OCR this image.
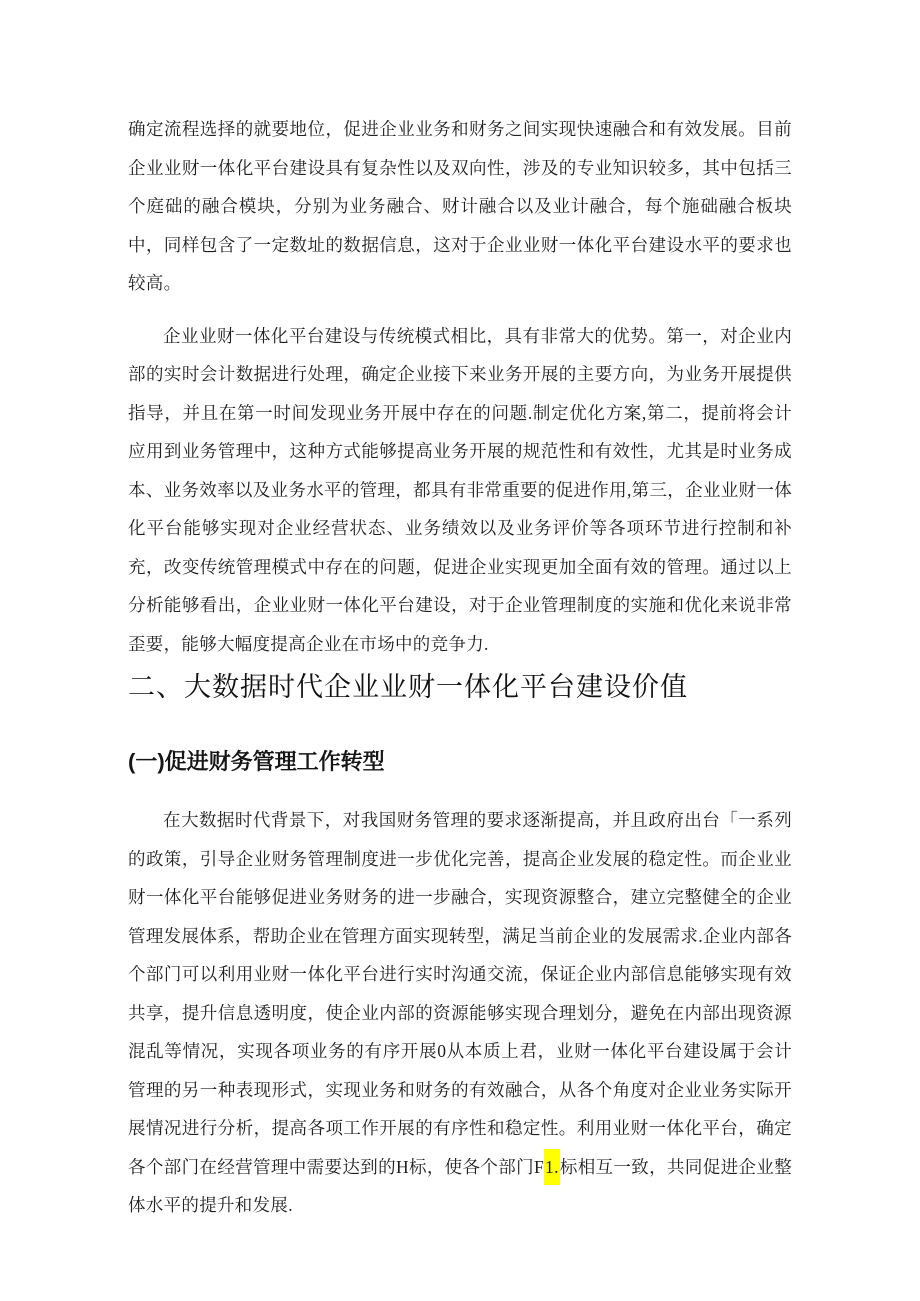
确定流程选择的就要地位，促进企业业务和财务之间实现快速融合和有效发展。目前企业业财一体化平台建设具有复杂性以及双向性，涉及的专业知识较多，其中包括三个庭础的融合模块，分别为业务融合、财计融合以及业计融合，每个施础融合板块中，同样包含了一定数址的数据信息，这对于企业业财一体化平台建设水平的要求也较高。

企业业财一体化平台建设与传统模式相比，具有非常大的优势。第一，对企业内部的实时会计数据进行处理，确定企业接下来业务开展的主要方向，为业务开展提供指导，并且在第一时间发现业务开展中存在的问题.制定优化方案,第二，提前将会计应用到业务管理中，这种方式能够提高业务开展的规范性和有效性，尤其是时业务成本、业务效率以及业务水平的管理，都具有非常重要的促进作用,第三，企业业财一体化平台能够实现对企业经营状态、业务绩效以及业务评价等各项环节进行控制和补充，改变传统管理模式中存在的问题，促进企业实现更加全面有效的管理。通过以上分析能够看出，企业业财一体化平台建设，对于企业管理制度的实施和优化来说非常歪要，能够大幅度提高企业在市场中的竞争力.

二、大数据时代企业业财一体化平台建设价值
(一)促进财务管理工作转型

在大数据时代背景下，对我国财务管理的要求逐渐提高，并且政府出台「一系列的政策，引导企业财务管理制度进一步优化完善，提高企业发展的稳定性。而企业业财一体化平台能够促进业务财务的进一步融合，实现资源整合，建立完整健全的企业管理发展体系，帮助企业在管理方面实现转型，满足当前企业的发展需求.企业内部各个部门可以利用业财一体化平台进行实时沟通交流，保证企业内部信息能够实现有效共享，提升信息透明度，使企业内部的资源能够实现合理划分，避免在内部出现资源混乱等情况，实现各项业务的有序开展0从本质上君，业财一体化平台建设属于会计管理的另一种表现形式，实现业务和财务的有效融合，从各个角度对企业业务实际开展情况进行分析，提高各项工作开展的有序性和稳定性。利用业财一体化平台，确定各个部门在经营管理中需要达到的H标，使各个部门F1.标相互一致，共同促进企业整体水平的提升和发展.
